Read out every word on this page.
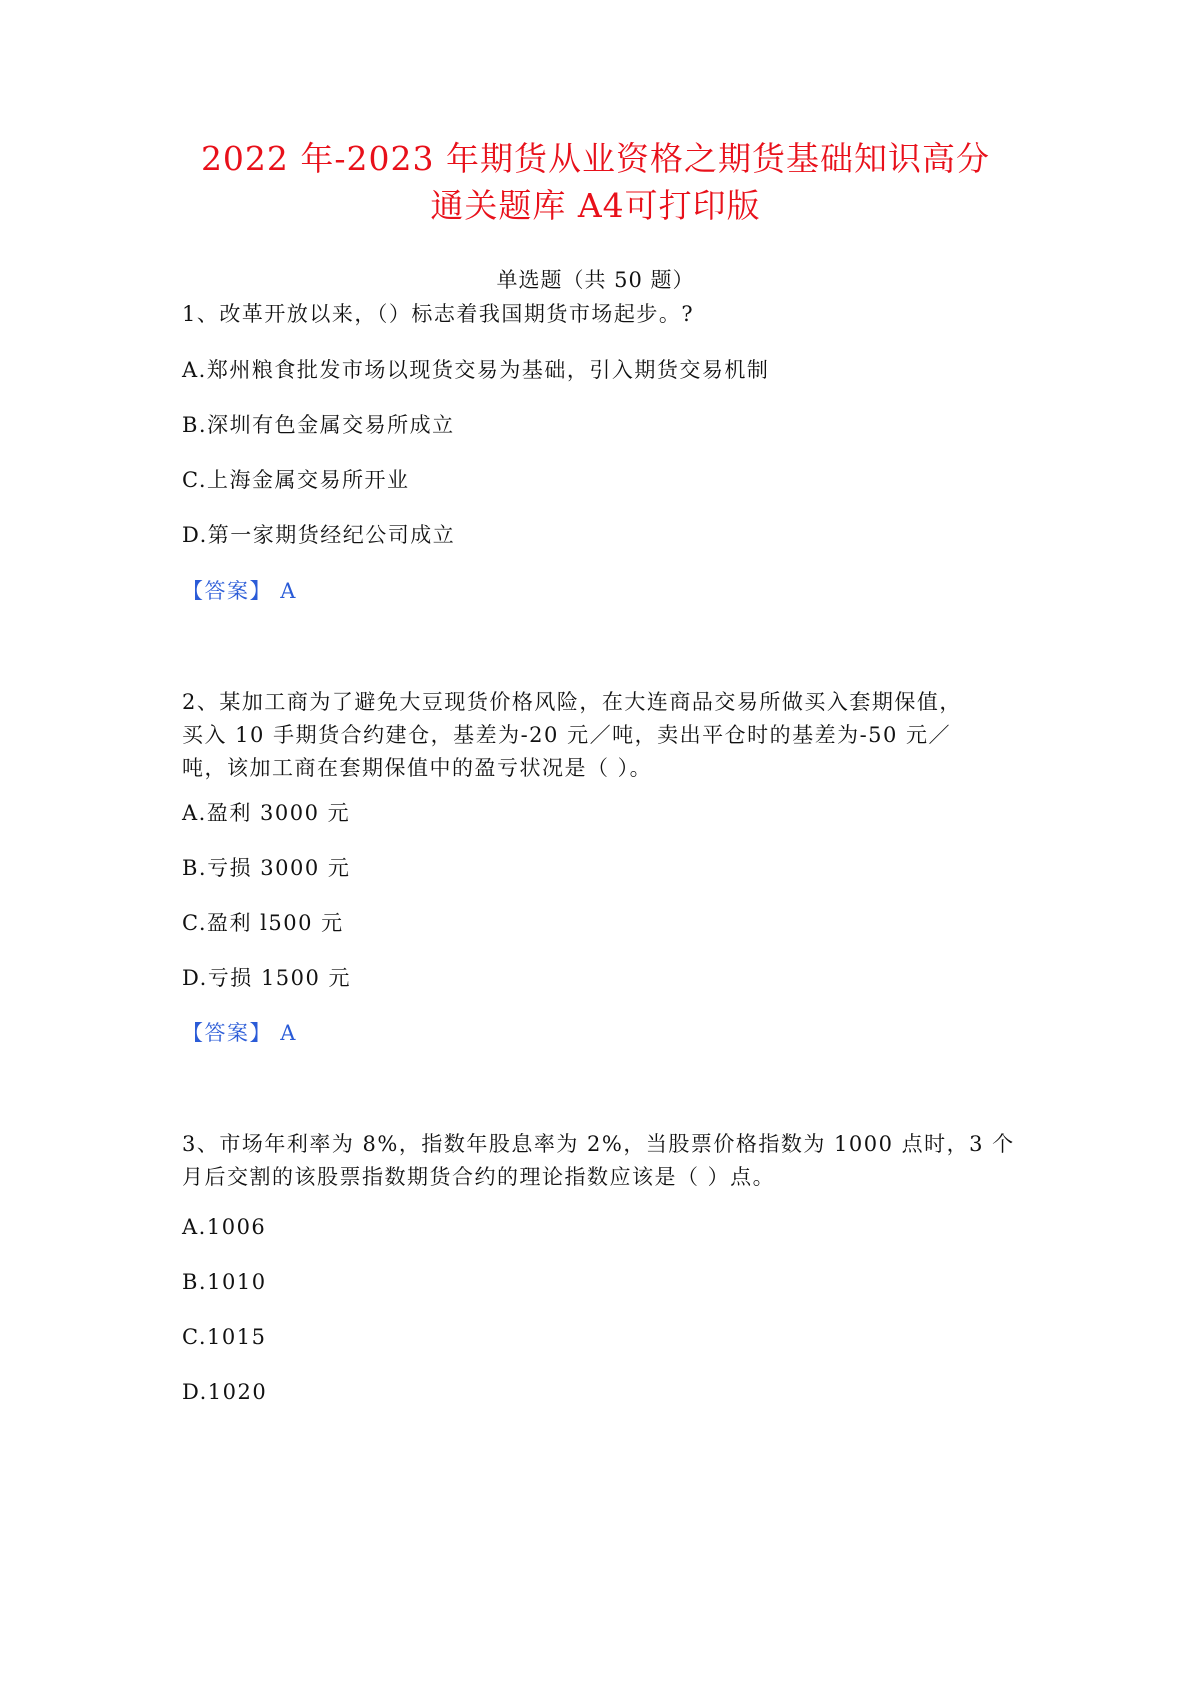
2022 年-2023 年期货从业资格之期货基础知识高分
通关题库 A4可打印版
单选题（共 50 题）
1、改革开放以来，（）标志着我国期货市场起步。?
A.郑州粮食批发市场以现货交易为基础，引入期货交易机制
B.深圳有色金属交易所成立
C.上海金属交易所开业
D.第一家期货经纪公司成立
【答案】 A
2、某加工商为了避免大豆现货价格风险，在大连商品交易所做买入套期保值，
买入 10 手期货合约建仓，基差为-20 元／吨，卖出平仓时的基差为-50 元／
吨，该加工商在套期保值中的盈亏状况是（ ）。
A.盈利 3000 元
B.亏损 3000 元
C.盈利 l500 元
D.亏损 1500 元
【答案】 A
3、市场年利率为 8%，指数年股息率为 2%，当股票价格指数为 1000 点时，3 个
月后交割的该股票指数期货合约的理论指数应该是（ ）点。
A.1006
B.1010
C.1015
D.1020
